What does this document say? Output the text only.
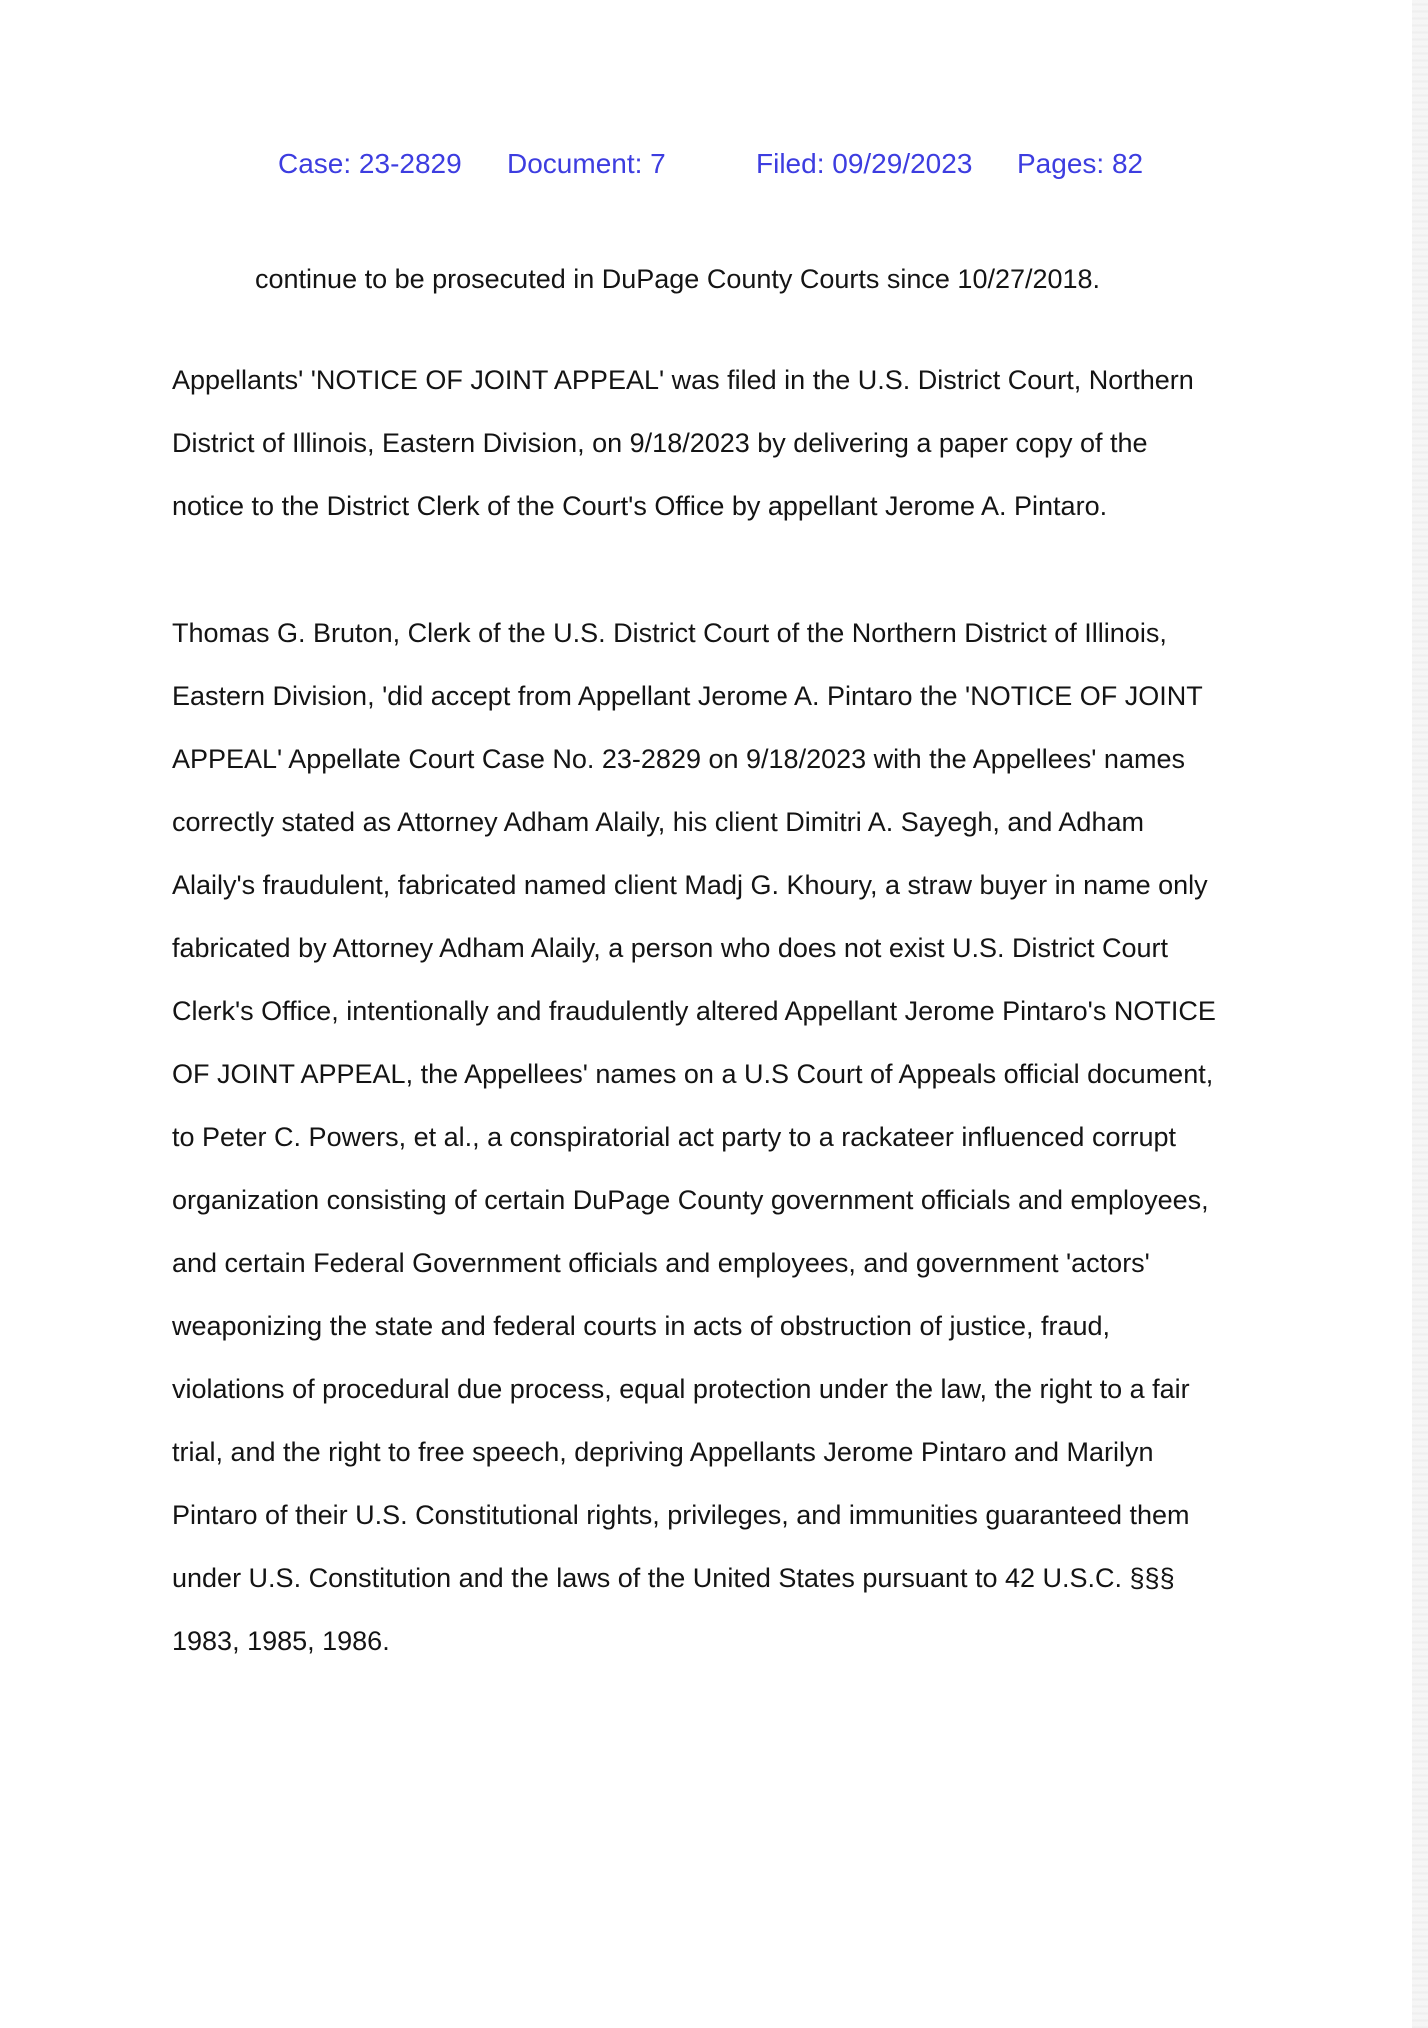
Case: 23-2829 Document: 7	Filed: 09/29/2023 Pages: 82
continue to be prosecuted in DuPage County Courts since 10/27/2018.
Appellants' 'NOTICE OF JOINT APPEAL' was filed in the U.S. District Court, Northern
District of Illinois, Eastern Division, on 9/18/2023 by delivering a paper copy of the
notice to the District Clerk of the Court's Office by appellant Jerome A. Pintaro.
Thomas G. Bruton, Clerk of the U.S. District Court of the Northern District of Illinois,
Eastern Division, 'did accept from Appellant Jerome A. Pintaro the 'NOTICE OF JOINT
APPEAL' Appellate Court Case No. 23-2829 on 9/18/2023 with the Appellees' names
correctly stated as Attorney Adham Alaily, his client Dimitri A. Sayegh, and Adham
Alaily's fraudulent, fabricated named client Madj G. Khoury, a straw buyer in name only
fabricated by Attorney Adham Alaily, a person who does not exist U.S. District Court
Clerk's Office, intentionally and fraudulently altered Appellant Jerome Pintaro's NOTICE
OF JOINT APPEAL, the Appellees' names on a U.S Court of Appeals official document,
to Peter C. Powers, et al., a conspiratorial act party to a rackateer influenced corrupt
organization consisting of certain DuPage County government officials and employees,
and certain Federal Government officials and employees, and government 'actors'
weaponizing the state and federal courts in acts of obstruction of justice, fraud,
violations of procedural due process, equal protection under the law, the right to a fair
trial, and the right to free speech, depriving Appellants Jerome Pintaro and Marilyn
Pintaro of their U.S. Constitutional rights, privileges, and immunities guaranteed them
under U.S. Constitution and the laws of the United States pursuant to 42 U.S.C. §§§
1983, 1985, 1986.
